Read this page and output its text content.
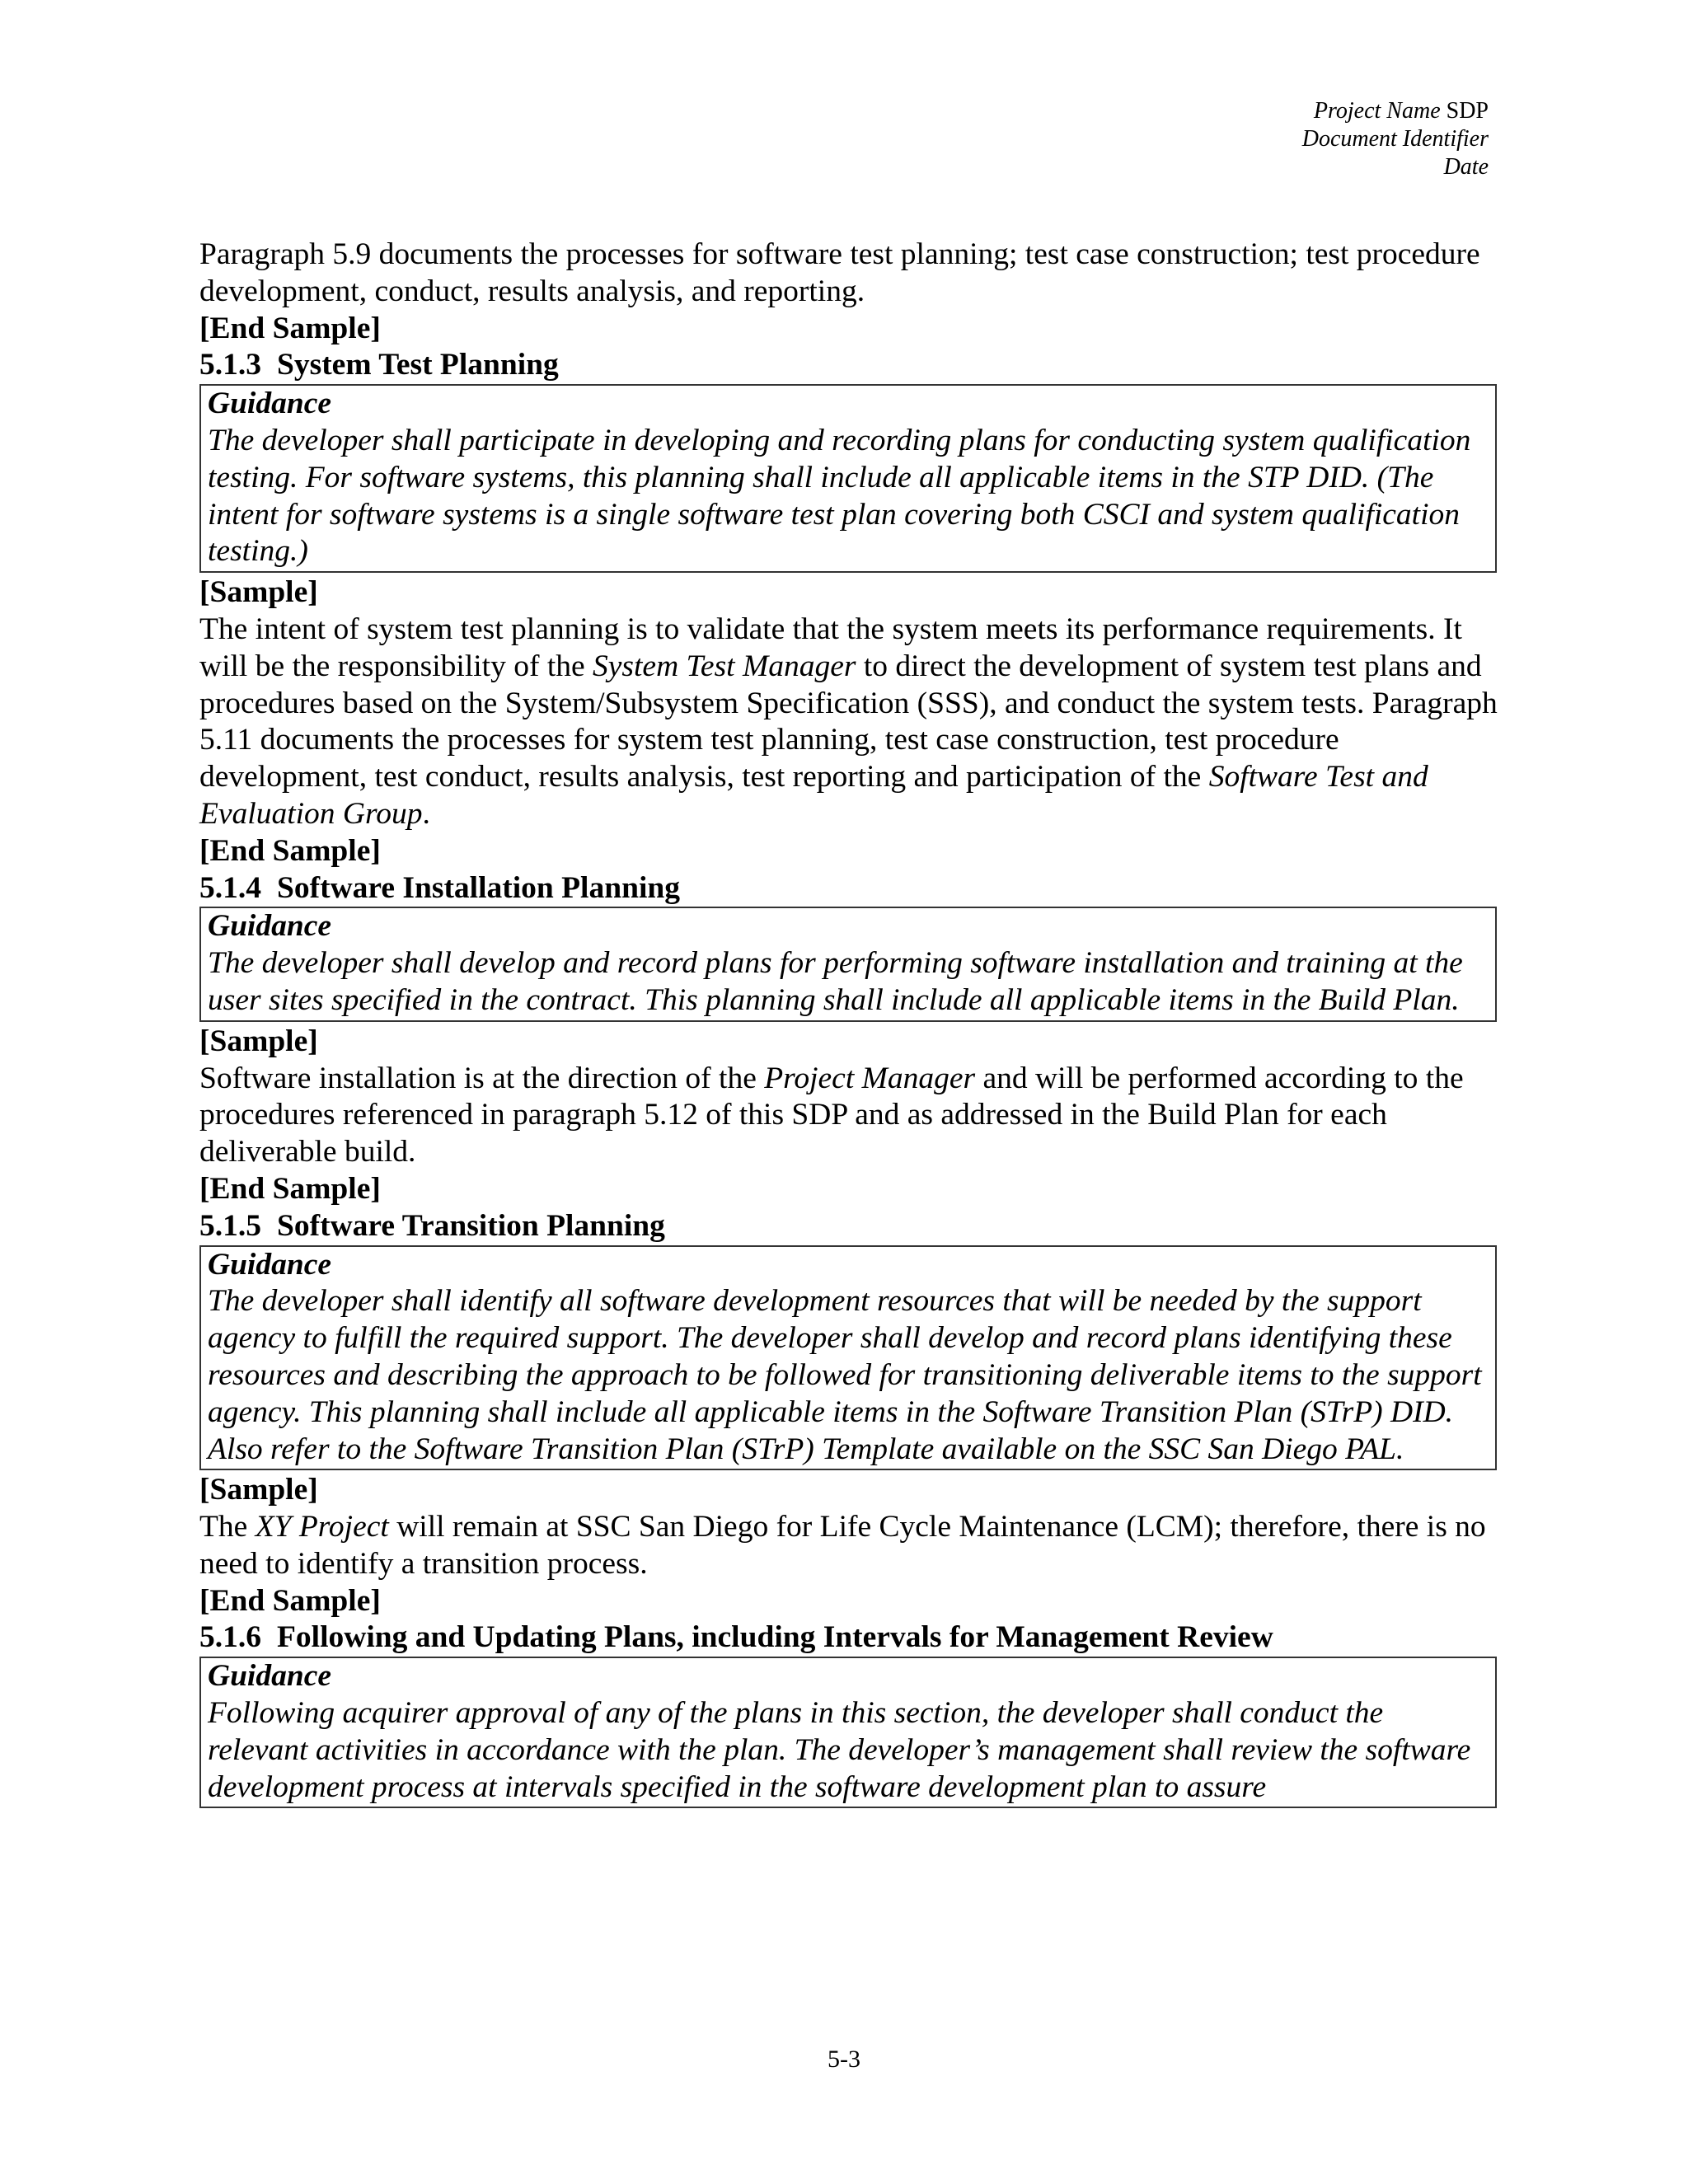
Project Name SDP
Document Identifier
Date

Paragraph 5.9 documents the processes for software test planning; test case construction; test procedure development, conduct, results analysis, and reporting.

[End Sample]

5.1.3 System Test Planning

Guidance

The developer shall participate in developing and recording plans for conducting system qualification testing. For software systems, this planning shall include all applicable items in the STP DID. (The intent for software systems is a single software test plan covering both CSCI and system qualification testing.)

[Sample]

The intent of system test planning is to validate that the system meets its performance requirements. It will be the responsibility of the System Test Manager to direct the development of system test plans and procedures based on the System/Subsystem Specification (SSS), and conduct the system tests. Paragraph 5.11 documents the processes for system test planning, test case construction, test procedure development, test conduct, results analysis, test reporting and participation of the Software Test and Evaluation Group.

[End Sample]

5.1.4 Software Installation Planning

Guidance

The developer shall develop and record plans for performing software installation and training at the user sites specified in the contract. This planning shall include all applicable items in the Build Plan.

[Sample]

Software installation is at the direction of the Project Manager and will be performed according to the procedures referenced in paragraph 5.12 of this SDP and as addressed in the Build Plan for each deliverable build.

[End Sample]

5.1.5 Software Transition Planning

Guidance

The developer shall identify all software development resources that will be needed by the support agency to fulfill the required support. The developer shall develop and record plans identifying these resources and describing the approach to be followed for transitioning deliverable items to the support agency. This planning shall include all applicable items in the Software Transition Plan (STrP) DID.

Also refer to the Software Transition Plan (STrP) Template available on the SSC San Diego PAL.

[Sample]

The XY Project will remain at SSC San Diego for Life Cycle Maintenance (LCM); therefore, there is no need to identify a transition process.

[End Sample]

5.1.6 Following and Updating Plans, including Intervals for Management Review

Guidance

Following acquirer approval of any of the plans in this section, the developer shall conduct the relevant activities in accordance with the plan. The developer’s management shall review the software development process at intervals specified in the software development plan to assure

5-3
